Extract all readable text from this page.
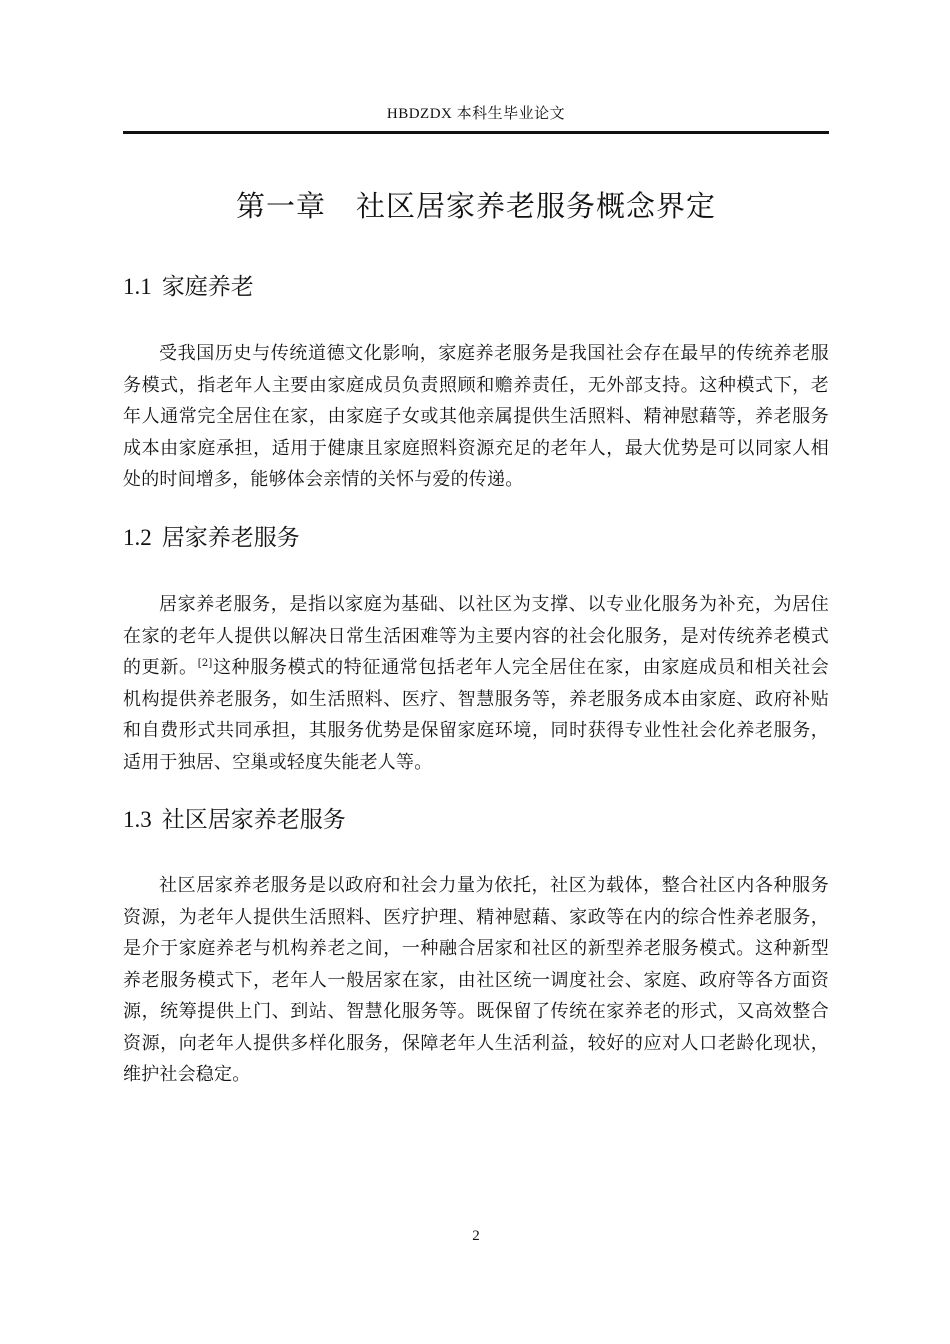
HBDZDX 本科生毕业论文
第一章　社区居家养老服务概念界定
1.1 家庭养老

受我国历史与传统道德文化影响，家庭养老服务是我国社会存在最早的传统养老服务模式，指老年人主要由家庭成员负责照顾和赡养责任，无外部支持。这种模式下，老年人通常完全居住在家，由家庭子女或其他亲属提供生活照料、精神慰藉等，养老服务成本由家庭承担，适用于健康且家庭照料资源充足的老年人，最大优势是可以同家人相处的时间增多，能够体会亲情的关怀与爱的传递。

1.2 居家养老服务

居家养老服务，是指以家庭为基础、以社区为支撑、以专业化服务为补充，为居住在家的老年人提供以解决日常生活困难等为主要内容的社会化服务，是对传统养老模式的更新。[2]这种服务模式的特征通常包括老年人完全居住在家，由家庭成员和相关社会机构提供养老服务，如生活照料、医疗、智慧服务等，养老服务成本由家庭、政府补贴和自费形式共同承担，其服务优势是保留家庭环境，同时获得专业性社会化养老服务，适用于独居、空巢或轻度失能老人等。

1.3 社区居家养老服务

社区居家养老服务是以政府和社会力量为依托，社区为载体，整合社区内各种服务资源，为老年人提供生活照料、医疗护理、精神慰藉、家政等在内的综合性养老服务，是介于家庭养老与机构养老之间，一种融合居家和社区的新型养老服务模式。这种新型养老服务模式下，老年人一般居家在家，由社区统一调度社会、家庭、政府等各方面资源，统筹提供上门、到站、智慧化服务等。既保留了传统在家养老的形式，又高效整合资源，向老年人提供多样化服务，保障老年人生活利益，较好的应对人口老龄化现状，维护社会稳定。

2
